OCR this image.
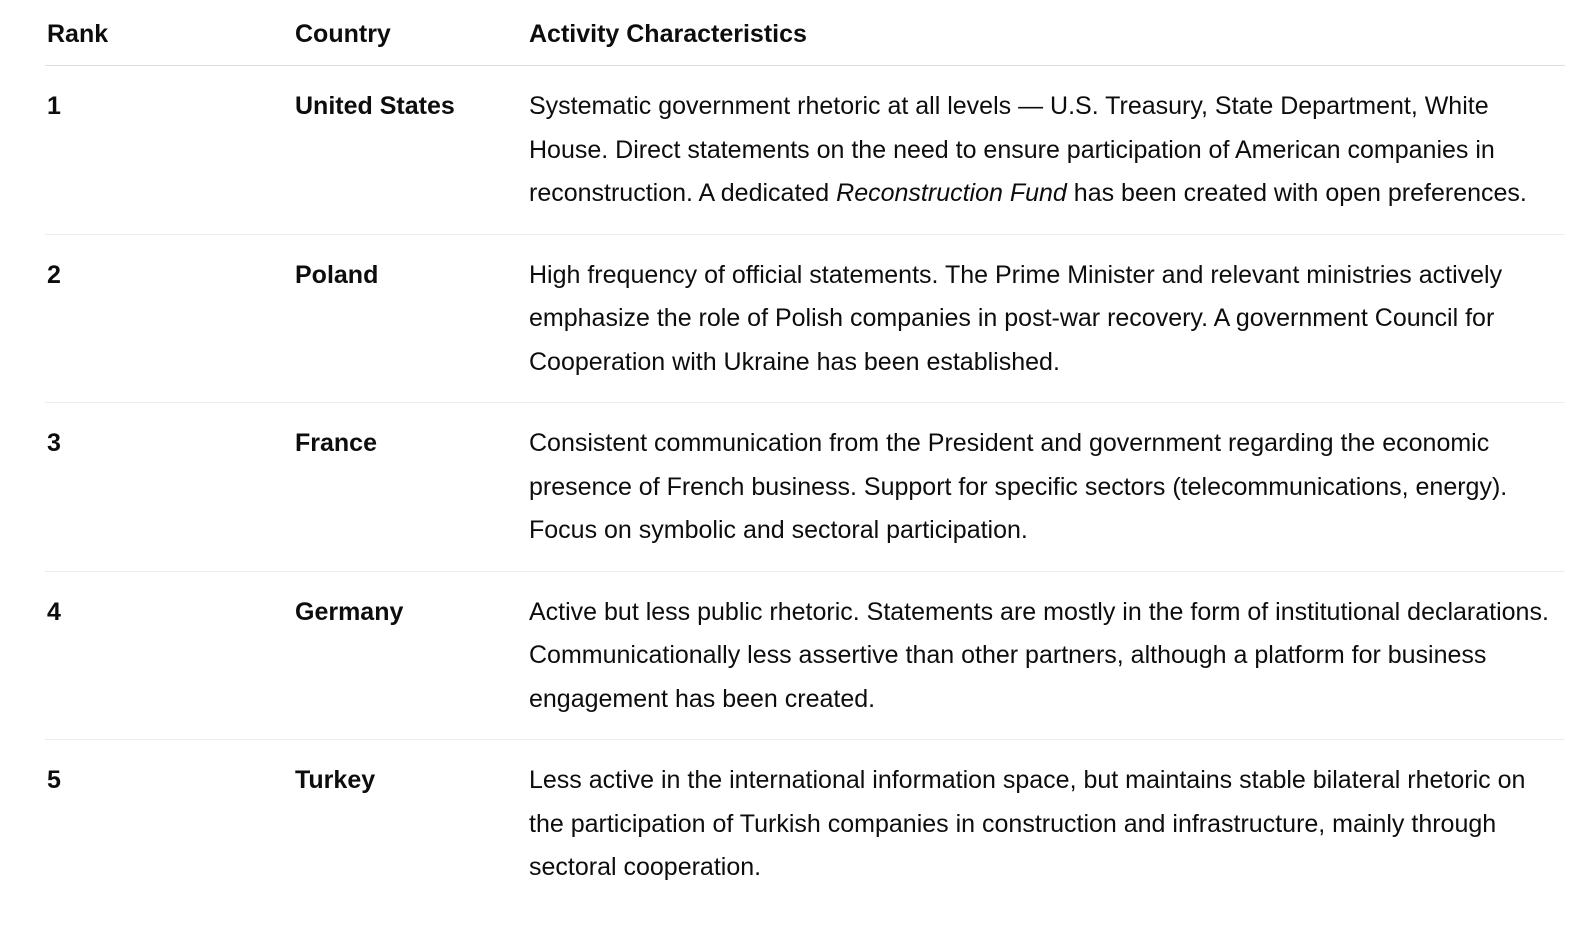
Rank	Country	Activity Characteristics
1	United States	Systematic government rhetoric at all levels — U.S. Treasury, State Department, White House. Direct statements on the need to ensure participation of American companies in reconstruction. A dedicated Reconstruction Fund has been created with open preferences.
2	Poland	High frequency of official statements. The Prime Minister and relevant ministries actively emphasize the role of Polish companies in post-war recovery. A government Council for Cooperation with Ukraine has been established.
3	France	Consistent communication from the President and government regarding the economic presence of French business. Support for specific sectors (telecommunications, energy). Focus on symbolic and sectoral participation.
4	Germany	Active but less public rhetoric. Statements are mostly in the form of institutional declarations. Communicationally less assertive than other partners, although a platform for business engagement has been created.
5	Turkey	Less active in the international information space, but maintains stable bilateral rhetoric on the participation of Turkish companies in construction and infrastructure, mainly through sectoral cooperation.
